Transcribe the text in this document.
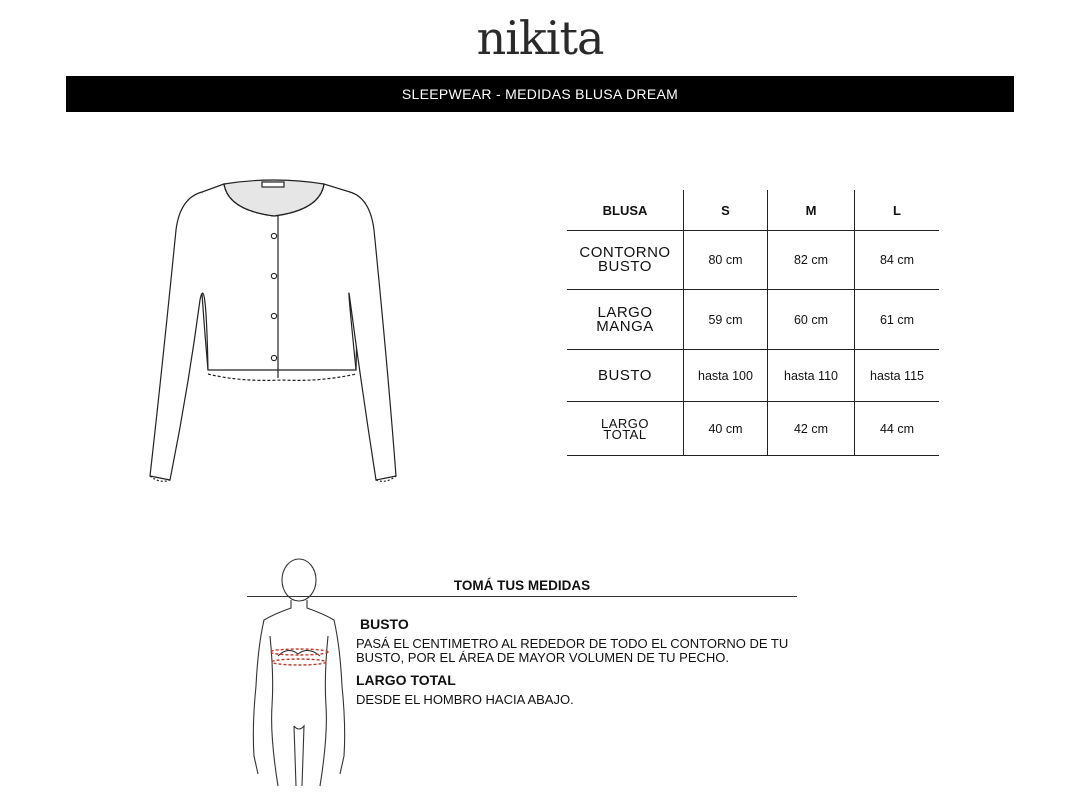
nikita
SLEEPWEAR - MEDIDAS BLUSA DREAM
BLUSA	S	M	L

CONTORNO
BUSTO	80 cm	82 cm	84 cm

LARGO
MANGA	59 cm	60 cm	61 cm

BUSTO	hasta 100	hasta 110	hasta 115

LARGO
TOTAL	40 cm	42 cm	44 cm
TOMÁ TUS MEDIDAS
BUSTO
PASÁ EL CENTIMETRO AL REDEDOR DE TODO EL CONTORNO DE TU BUSTO, POR EL ÁREA DE MAYOR VOLUMEN DE TU PECHO.
LARGO TOTAL
DESDE EL HOMBRO HACIA ABAJO.
